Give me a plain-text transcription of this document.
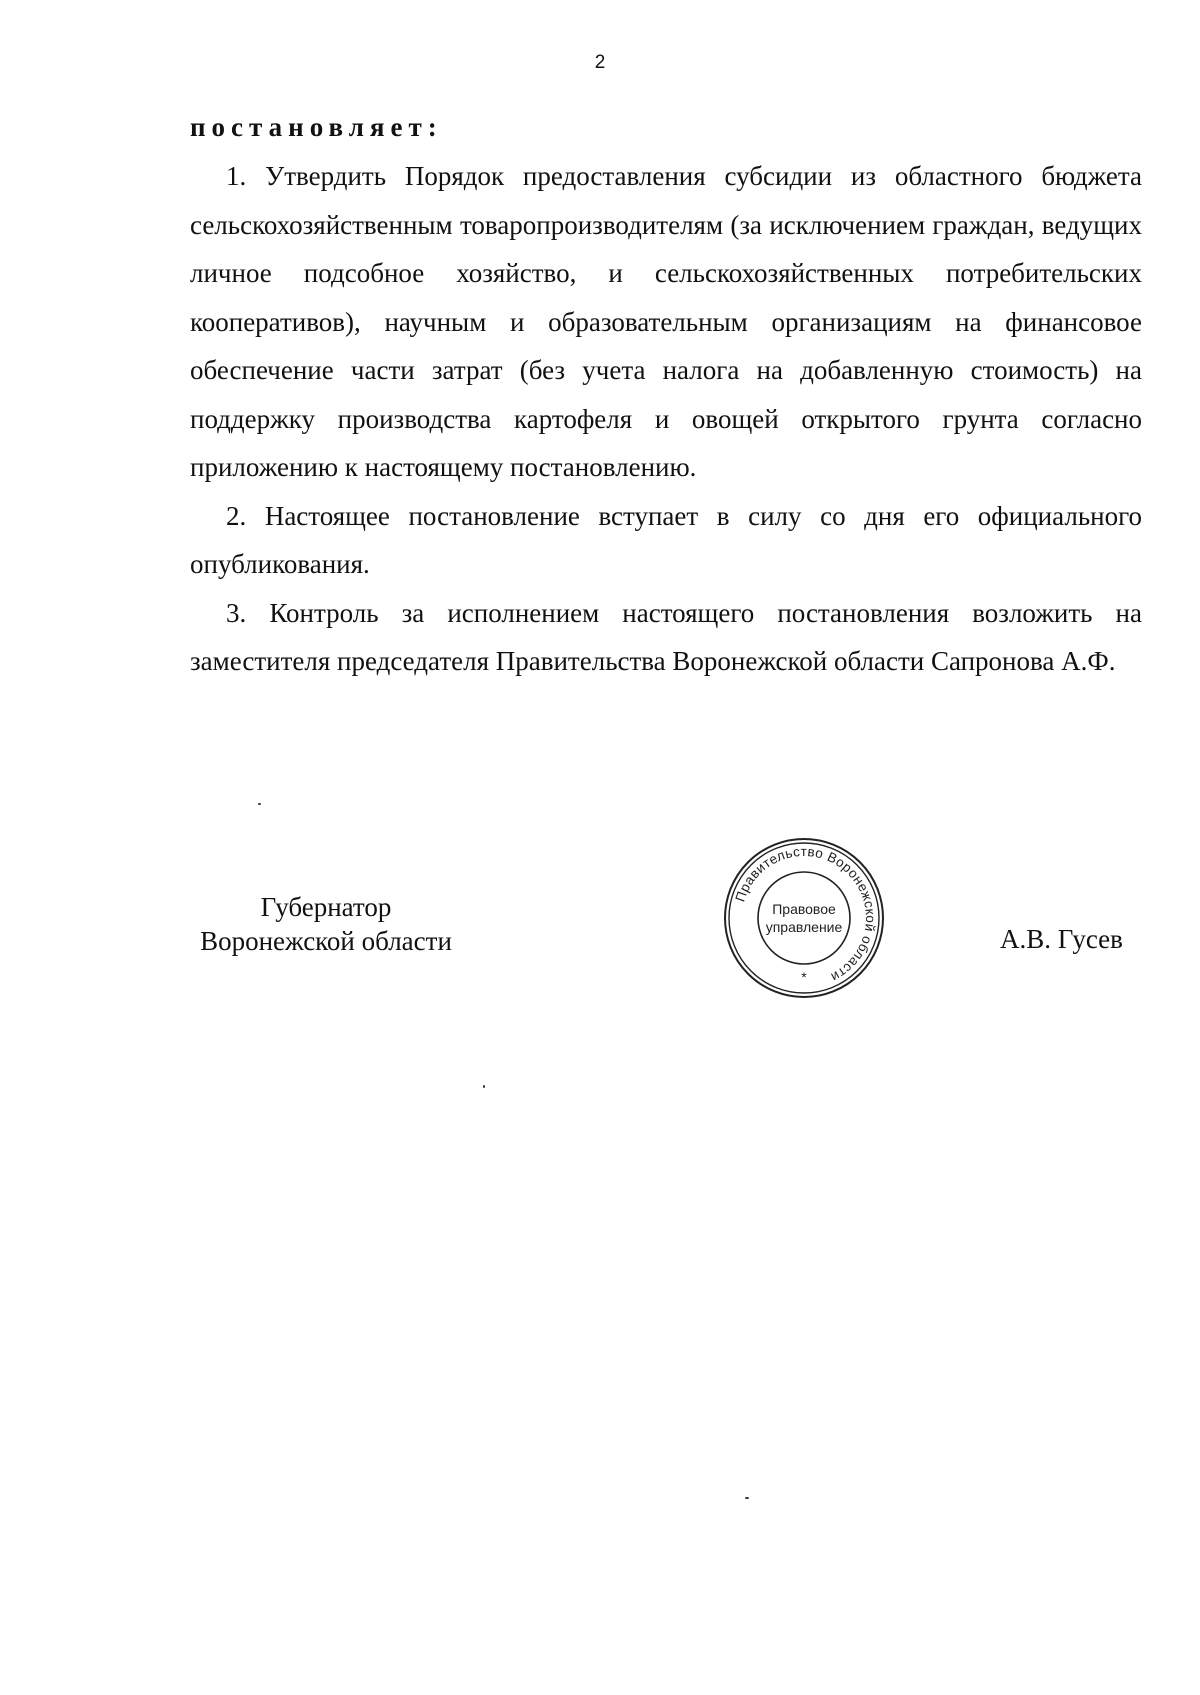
2
постановляет:

1. Утвердить Порядок предоставления субсидии из областного бюджета сельскохозяйственным товаропроизводителям (за исключением граждан, ведущих личное подсобное хозяйство, и сельскохозяйственных потребительских кооперативов), научным и образовательным организациям на финансовое обеспечение части затрат (без учета налога на добавленную стоимость) на поддержку производства картофеля и овощей открытого грунта согласно приложению к настоящему постановлению.

2. Настоящее постановление вступает в силу со дня его официального опубликования.

3. Контроль за исполнением настоящего постановления возложить на заместителя председателя Правительства Воронежской области Сапронова А.Ф.

Губернатор
Воронежской области
Правительство Воронежской области
Правовое
управление
*
А.В. Гусев
